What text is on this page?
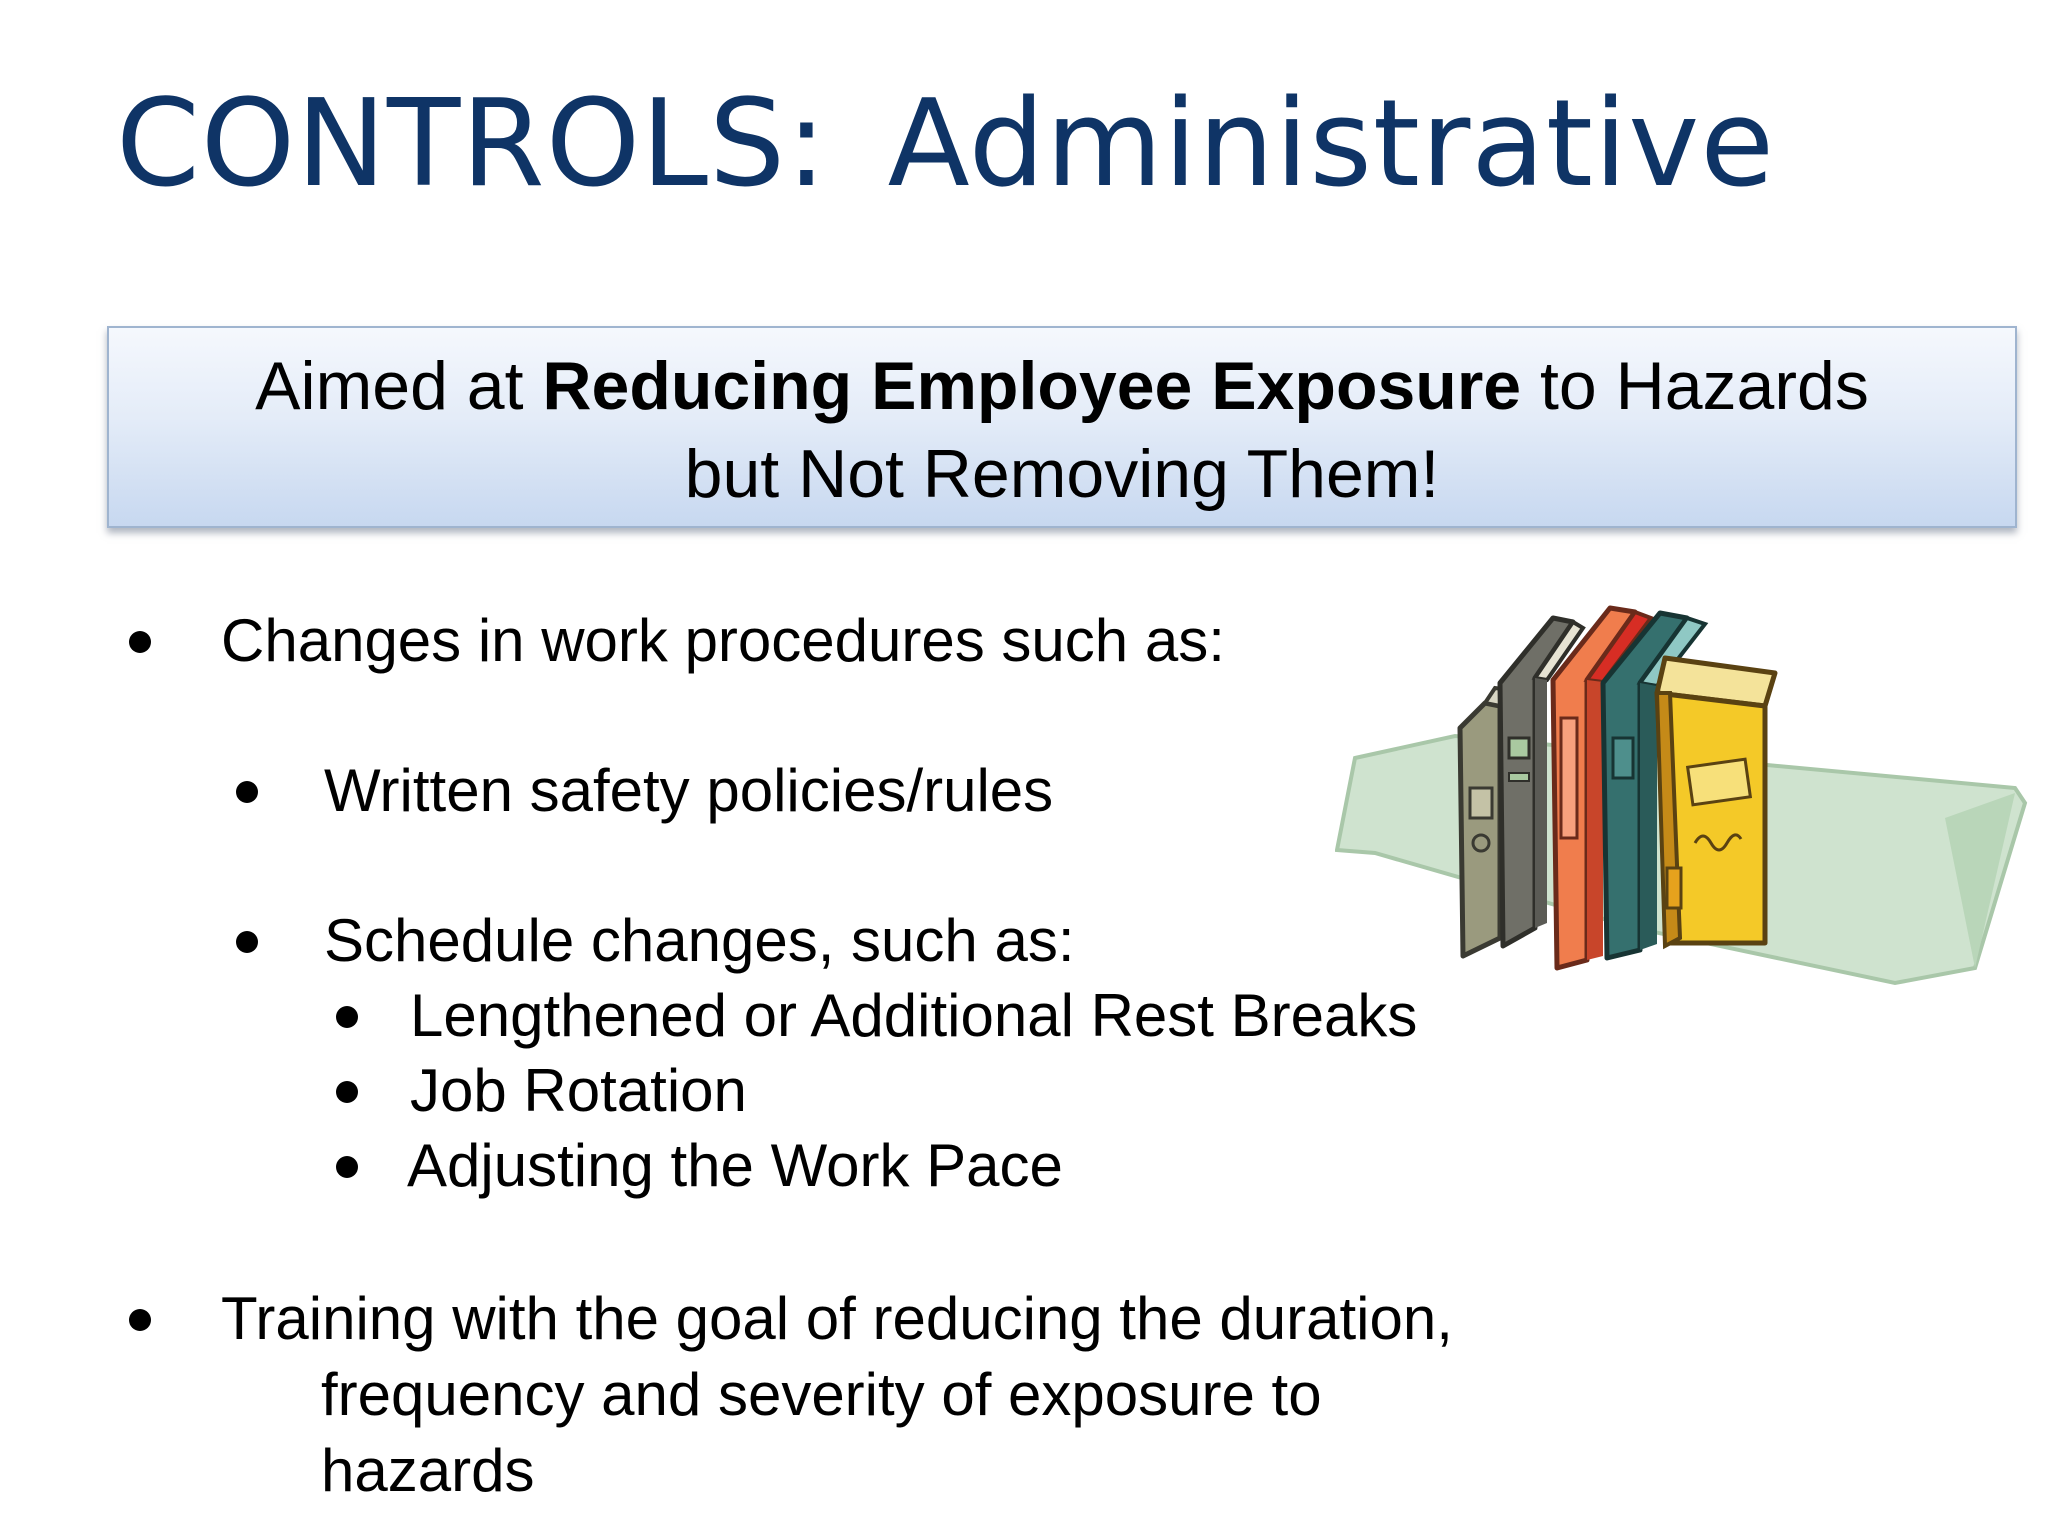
CONTROLS: Administrative
Aimed at Reducing Employee Exposure to Hazards
but Not Removing Them!
Changes in work procedures such as:
Written safety policies/rules
Schedule changes, such as:
Lengthened or Additional Rest Breaks
Job Rotation
Adjusting the Work Pace
Training with the goal of reducing the duration,
frequency and severity of exposure to
hazards
